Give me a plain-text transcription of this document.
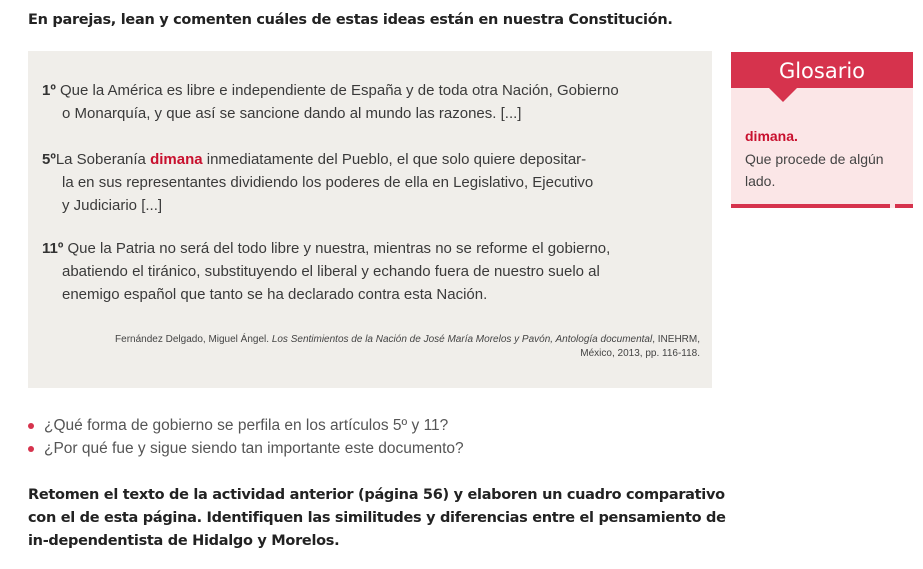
En parejas, lean y comenten cuáles de estas ideas están en nuestra Constitución.
1º Que la América es libre e independiente de España y de toda otra Nación, Gobierno
o Monarquía, y que así se sancione dando al mundo las razones. [...]
5ºLa Soberanía dimana inmediatamente del Pueblo, el que solo quiere depositar-
la en sus representantes dividiendo los poderes de ella en Legislativo, Ejecutivo
y Judiciario [...]
11º Que la Patria no será del todo libre y nuestra, mientras no se reforme el gobierno,
abatiendo el tiránico, substituyendo el liberal y echando fuera de nuestro suelo al
enemigo español que tanto se ha declarado contra esta Nación.
Fernández Delgado, Miguel Ángel. Los Sentimientos de la Nación de José María Morelos y Pavón, Antología documental, INEHRM, México, 2013, pp. 116-118.
Glosario
dimana.
Que procede de algún lado.
¿Qué forma de gobierno se perfila en los artículos 5º y 11?
¿Por qué fue y sigue siendo tan importante este documento?
Retomen el texto de la actividad anterior (página 56) y elaboren un cuadro comparativo con el de esta página. Identifiquen las similitudes y diferencias entre el pensamiento de in-dependentista de Hidalgo y Morelos.
